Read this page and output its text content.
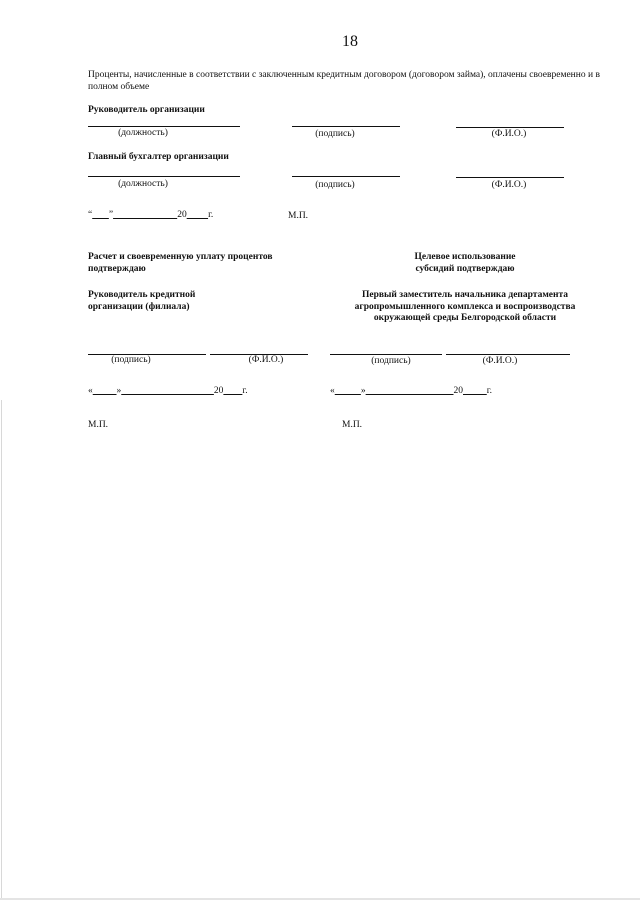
18
Проценты, начисленные в соответствии с заключенным кредитным договором (договором займа), оплачены своевременно и в полном объеме
Руководитель организации
(должность)	(подпись)	(Ф.И.О.)
Главный бухгалтер организации
(должность)	(подпись)	(Ф.И.О.)
“ ”	20 г.	М.П.
Расчет и своевременную уплату процентов подтверждаю
Руководитель кредитной организации (филиала)
(подпись)	(Ф.И.О.)
«	»	20 г.
М.П.
Целевое использование субсидий подтверждаю
Первый заместитель начальника департамента агропромышленного комплекса и воспроизводства окружающей среды Белгородской области
(подпись)	(Ф.И.О.)
«	»	20	г.
М.П.
